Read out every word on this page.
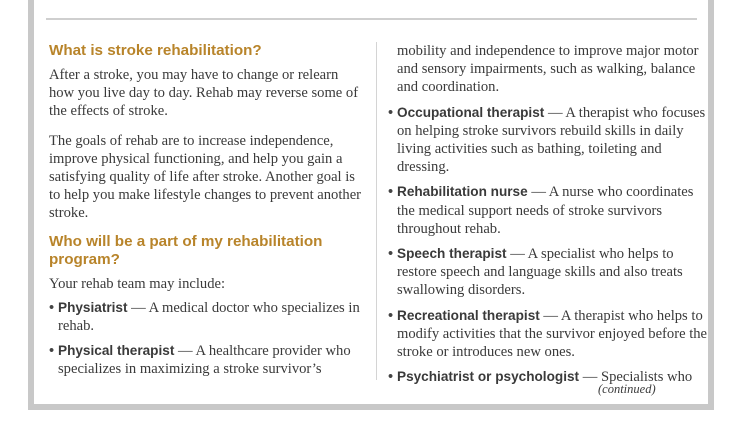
What is stroke rehabilitation?

After a stroke, you may have to change or relearn how you live day to day. Rehab may reverse some of the effects of stroke.

The goals of rehab are to increase independence, improve physical functioning, and help you gain a satisfying quality of life after stroke. Another goal is to help you make lifestyle changes to prevent another stroke.

Who will be a part of my rehabilitation program?

Your rehab team may include:

• Physiatrist — A medical doctor who specializes in rehab.
• Physical therapist — A healthcare provider who specializes in maximizing a stroke survivor’s

mobility and independence to improve major motor and sensory impairments, such as walking, balance and coordination.

• Occupational therapist — A therapist who focuses on helping stroke survivors rebuild skills in daily living activities such as bathing, toileting and dressing.
• Rehabilitation nurse — A nurse who coordinates the medical support needs of stroke survivors throughout rehab.
• Speech therapist — A specialist who helps to restore speech and language skills and also treats swallowing disorders.
• Recreational therapist — A therapist who helps to modify activities that the survivor enjoyed before the stroke or introduces new ones.
• Psychiatrist or psychologist — Specialists who
(continued)
